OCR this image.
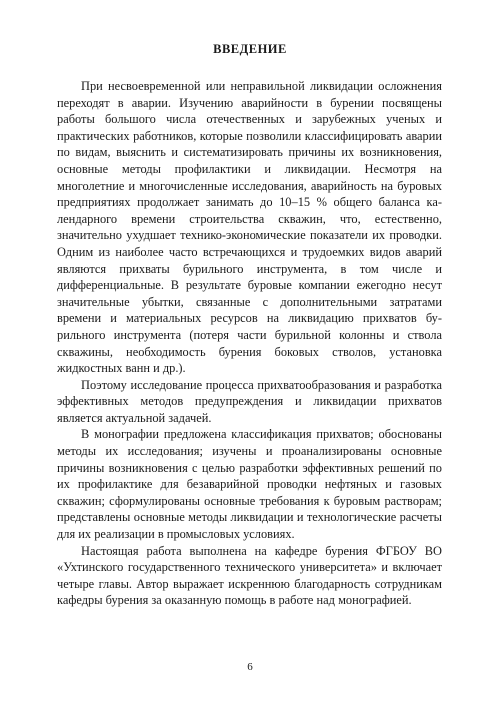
ВВЕДЕНИЕ

При несвоевременной или неправильной ликвидации осложнения переходят в аварии. Изучению аварийности в бурении посвящены работы большого числа отечественных и зарубежных ученых и практических работников, которые позволили классифицировать аварии по видам, выяснить и систематизировать причины их возникновения, основные методы профилактики и ликвидации. Несмотря на многолетние и многочисленные исследования, аварийность на буровых предприятиях продолжает занимать до 10–15 % общего баланса календарного времени строительства скважин, что, естественно, значительно ухудшает технико-экономические показатели их проводки. Одним из наиболее часто встречающихся и трудоемких видов аварий являются прихваты бурильного инструмента, в том числе и дифференциальные. В результате буровые компании ежегодно несут значительные убытки, связанные с дополнительными затратами времени и материальных ресурсов на ликвидацию прихватов бурильного инструмента (потеря части бурильной колонны и ствола скважины, необходимость бурения боковых стволов, установка жидкостных ванн и др.).

Поэтому исследование процесса прихватообразования и разработка эффективных методов предупреждения и ликвидации прихватов является актуальной задачей.

В монографии предложена классификация прихватов; обоснованы методы их исследования; изучены и проанализированы основные причины возникновения с целью разработки эффективных решений по их профилактике для безаварийной проводки нефтяных и газовых скважин; сформулированы основные требования к буровым растворам; представлены основные методы ликвидации и технологические расчеты для их реализации в промысловых условиях.

Настоящая работа выполнена на кафедре бурения ФГБОУ ВО «Ухтинского государственного технического университета» и включает четыре главы. Автор выражает искреннюю благодарность сотрудникам кафедры бурения за оказанную помощь в работе над монографией.

6
